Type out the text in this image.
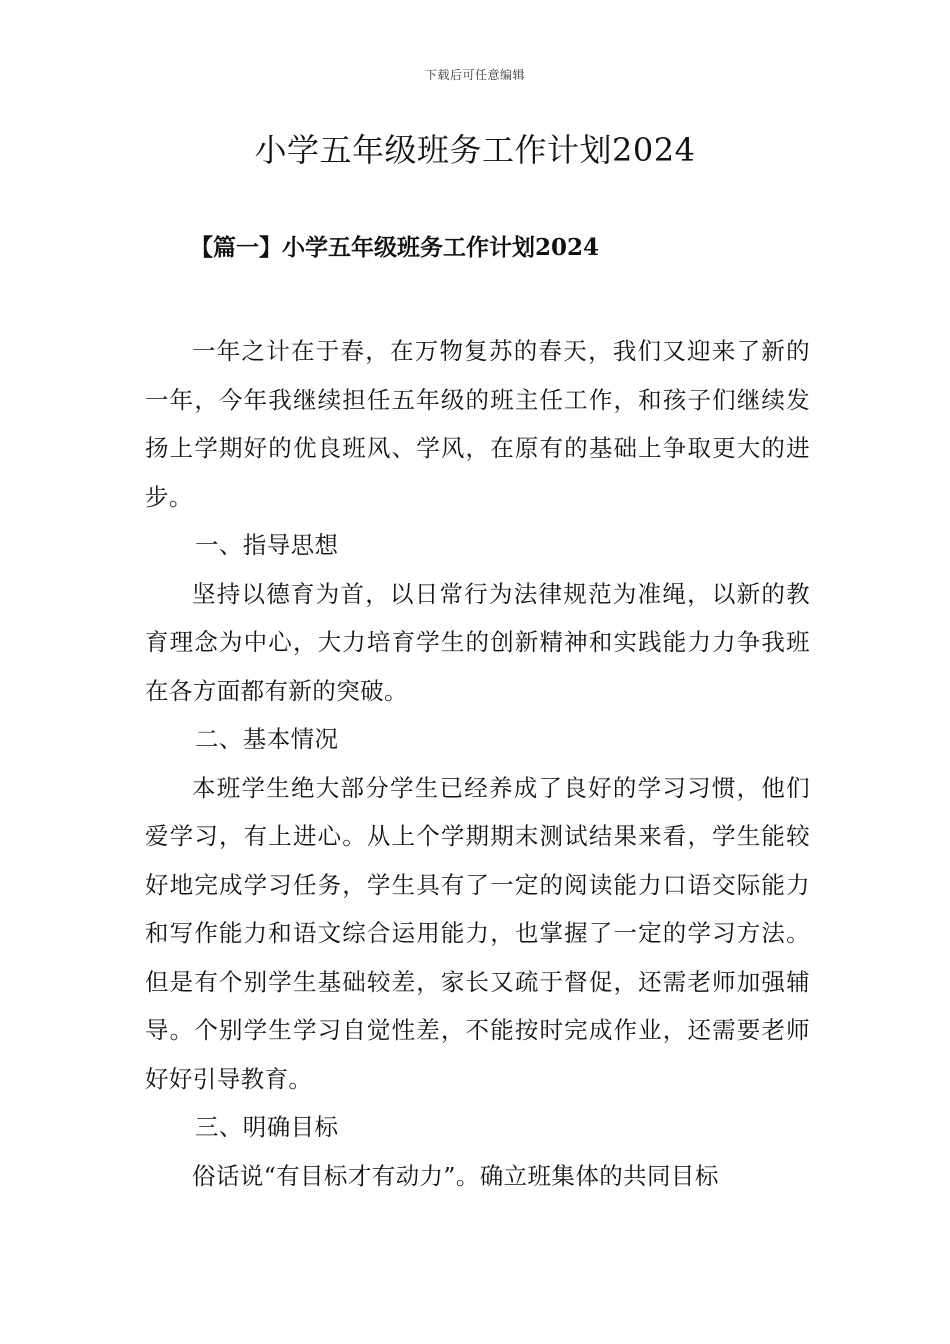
下载后可任意编辑
小学五年级班务工作计划2024
【篇一】小学五年级班务工作计划2024

一年之计在于春，在万物复苏的春天，我们又迎来了新的一年，今年我继续担任五年级的班主任工作，和孩子们继续发扬上学期好的优良班风、学风，在原有的基础上争取更大的进步。

一、指导思想

坚持以德育为首，以日常行为法律规范为准绳，以新的教育理念为中心，大力培育学生的创新精神和实践能力力争我班在各方面都有新的突破。

二、基本情况

本班学生绝大部分学生已经养成了良好的学习习惯，他们爱学习，有上进心。从上个学期期末测试结果来看，学生能较好地完成学习任务，学生具有了一定的阅读能力口语交际能力和写作能力和语文综合运用能力，也掌握了一定的学习方法。但是有个别学生基础较差，家长又疏于督促，还需老师加强辅导。个别学生学习自觉性差，不能按时完成作业，还需要老师好好引导教育。

三、明确目标

俗话说“有目标才有动力”。确立班集体的共同目标
